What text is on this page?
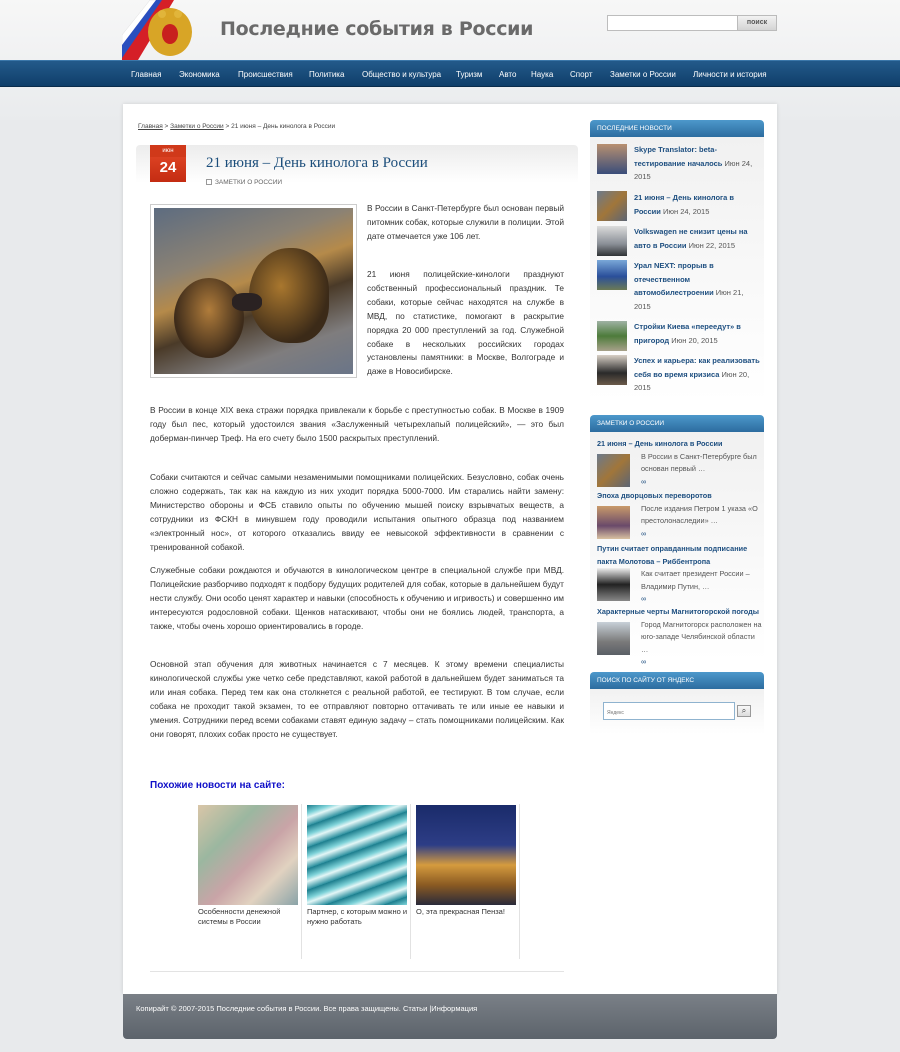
Последние события в России	поиск
Главная Экономика Происшествия Политика Общество и культура Туризм Авто Наука Спорт Заметки о России Личности и история
Главная > Заметки о России > 21 июня – День кинолога в России
июн
24	21 июня – День кинолога в России
ЗАМЕТКИ О РОССИИ
В России в Санкт-Петербурге был основан первый питомник собак, которые служили в полиции. Этой дате отмечается уже 106 лет.
21 июня полицейские-кинологи празднуют собственный профессиональный праздник. Те собаки, которые сейчас находятся на службе в МВД, по статистике, помогают в раскрытие порядка 20 000 преступлений за год. Служебной собаке в нескольких российских городах установлены памятники: в Москве, Волгограде и даже в Новосибирске.
В России в конце XIX века стражи порядка привлекали к борьбе с преступностью собак. В Москве в 1909 году был пес, который удостоился звания «Заслуженный четырехлапый полицейский», — это был доберман-пинчер Треф. На его счету было 1500 раскрытых преступлений.
Собаки считаются и сейчас самыми незаменимыми помощниками полицейских. Безусловно, собак очень сложно содержать, так как на каждую из них уходит порядка 5000-7000. Им старались найти замену: Министерство обороны и ФСБ ставило опыты по обучению мышей поиску взрывчатых веществ, а сотрудники из ФСКН в минувшем году проводили испытания опытного образца под названием «электронный нос», от которого отказались ввиду ее невысокой эффективности в сравнении с тренированной собакой.
Служебные собаки рождаются и обучаются в кинологическом центре в специальной службе при МВД. Полицейские разборчиво подходят к подбору будущих родителей для собак, которые в дальнейшем будут нести службу. Они особо ценят характер и навыки (способность к обучению и игривость) и совершенно им интересуются родословной собаки. Щенков натаскивают, чтобы они не боялись людей, транспорта, а также, чтобы очень хорошо ориентировались в городе.
Основной этап обучения для животных начинается с 7 месяцев. К этому времени специалисты кинологической службы уже четко себе представляют, какой работой в дальнейшем будет заниматься та или иная собака. Перед тем как она столкнется с реальной работой, ее тестируют. В том случае, если собака не проходит такой экзамен, то ее отправляют повторно оттачивать те или иные ее навыки и умения. Сотрудники перед всеми собаками ставят единую задачу – стать помощниками полицейским. Как они говорят, плохих собак просто не существует.
Похожие новости на сайте:
Особенности денежной системы в России
Партнер, с которым можно и нужно работать
О, эта прекрасная Пенза!
ПОСЛЕДНИЕ НОВОСТИ
Skype Translator: beta-тестирование началось Июн 24, 2015
21 июня – День кинолога в России Июн 24, 2015
Volkswagen не снизит цены на авто в России Июн 22, 2015
Урал NEXT: прорыв в отечественном автомобилестроении Июн 21, 2015
Стройки Киева «переедут» в пригород Июн 20, 2015
Успех и карьера: как реализовать себя во время кризиса Июн 20, 2015
ЗАМЕТКИ О РОССИИ
21 июня – День кинолога в России
В России в Санкт-Петербурге был основан первый …
∞
Эпоха дворцовых переворотов
После издания Петром 1 указа «О престолонаследии» …
∞
Путин считает оправданным подписание пакта Молотова – Риббентропа
Как считает президент России – Владимир Путин, …
∞
Характерные черты Магнитогорской погоды
Город Магнитогорск расположен на юго-западе Челябинской области …
∞
ПОИСК ПО САЙТУ ОТ ЯНДЕКС
Яндекс
⌕
Копирайт © 2007-2015 Последние события в России. Все права защищены. Статьи |Информация
